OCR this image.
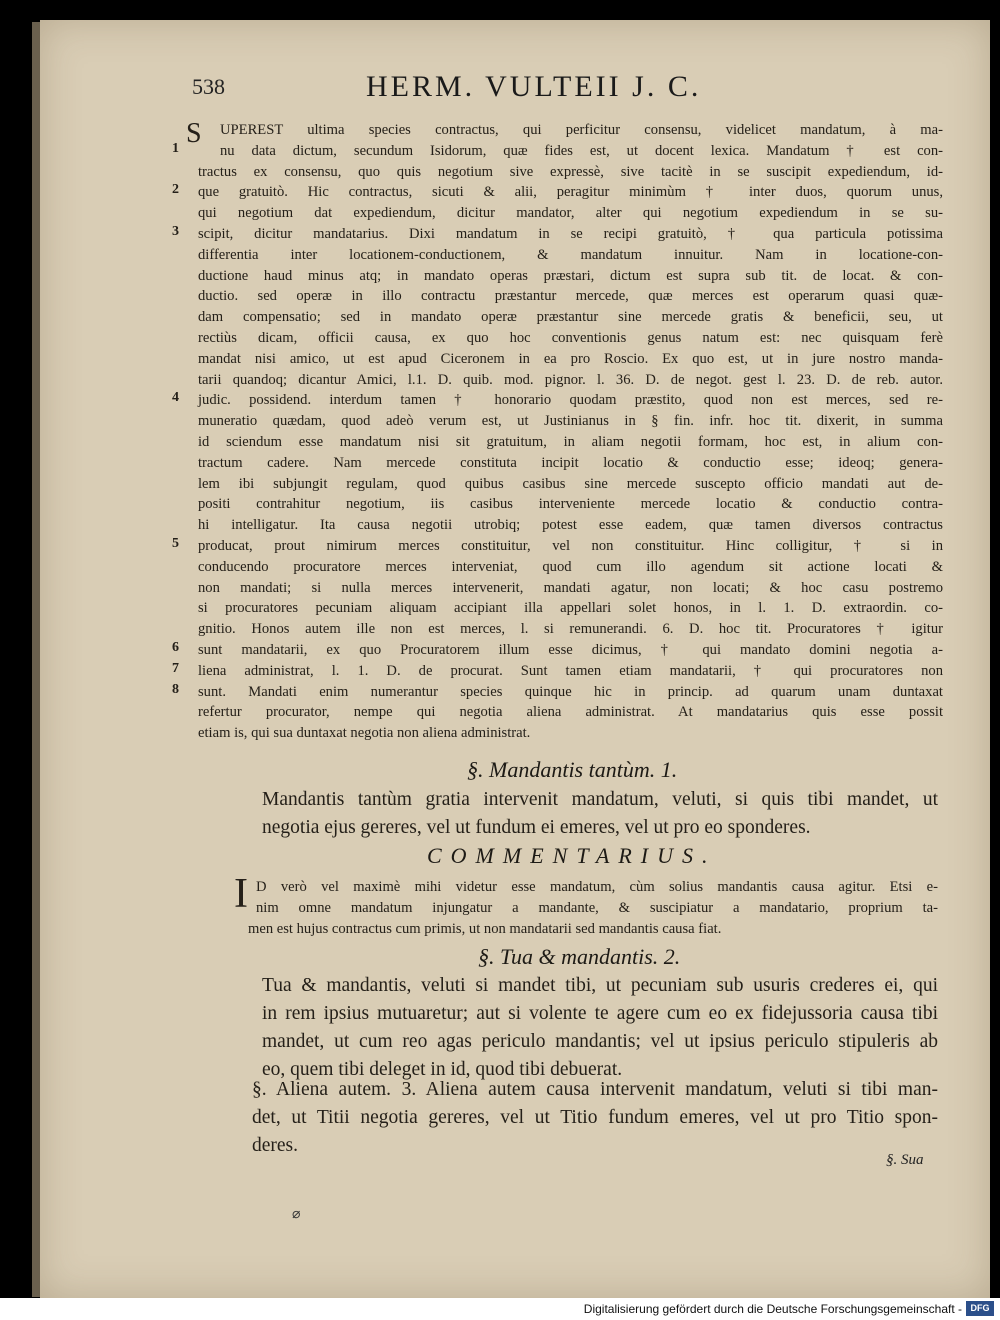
538	HERM. VULTEII J. C.
S	UPEREST ultima species contractus, qui perficitur consensu, videlicet mandatum, à ma-
nu data dictum, secundum Isidorum, quæ fides est, ut docent lexica. Mandatum † est con-
tractus ex consensu, quo quis negotium sive expressè, sive tacitè in se suscipit expediendum, id-
que gratuitò. Hic contractus, sicuti & alii, peragitur minimùm † inter duos, quorum unus,
qui negotium dat expediendum, dicitur mandator, alter qui negotium expediendum in se su-
scipit, dicitur mandatarius. Dixi mandatum in se recipi gratuitò, † qua particula potissima
differentia inter locationem-conductionem, & mandatum innuitur. Nam in locatione-con-
ductione haud minus atq; in mandato operas præstari, dictum est supra sub tit. de locat. & con-
ductio. sed operæ in illo contractu præstantur mercede, quæ merces est operarum quasi quæ-
dam compensatio; sed in mandato operæ præstantur sine mercede gratis & beneficii, seu, ut
rectiùs dicam, officii causa, ex quo hoc conventionis genus natum est: nec quisquam ferè
mandat nisi amico, ut est apud Ciceronem in ea pro Roscio. Ex quo est, ut in jure nostro manda-
tarii quandoq; dicantur Amici, l.1. D. quib. mod. pignor. l. 36. D. de negot. gest l. 23. D. de reb. autor.
judic. possidend. interdum tamen † honorario quodam præstito, quod non est merces, sed re-
muneratio quædam, quod adeò verum est, ut Justinianus in § fin. infr. hoc tit. dixerit, in summa
id sciendum esse mandatum nisi sit gratuitum, in aliam negotii formam, hoc est, in alium con-
tractum cadere. Nam mercede constituta incipit locatio & conductio esse; ideoq; genera-
lem ibi subjungit regulam, quod quibus casibus sine mercede suscepto officio mandati aut de-
positi contrahitur negotium, iis casibus interveniente mercede locatio & conductio contra-
hi intelligatur. Ita causa negotii utrobiq; potest esse eadem, quæ tamen diversos contractus
producat, prout nimirum merces constituitur, vel non constituitur. Hinc colligitur, † si in
conducendo procuratore merces interveniat, quod cum illo agendum sit actione locati &
non mandati; si nulla merces intervenerit, mandati agatur, non locati; & hoc casu postremo
si procuratores pecuniam aliquam accipiant illa appellari solet honos, in l. 1. D. extraordin. co-
gnitio. Honos autem ille non est merces, l. si remunerandi. 6. D. hoc tit. Procuratores † igitur
sunt mandatarii, ex quo Procuratorem illum esse dicimus, † qui mandato domini negotia a-
liena administrat, l. 1. D. de procurat. Sunt tamen etiam mandatarii, † qui procuratores non
sunt. Mandati enim numerantur species quinque hic in princip. ad quarum unam duntaxat
refertur procurator, nempe qui negotia aliena administrat. At mandatarius quis esse possit
etiam is, qui sua duntaxat negotia non aliena administrat.
1
2
3
4
5
6
7
8
§. Mandantis tantùm. 1.
Mandantis tantùm gratia intervenit mandatum, veluti, si quis tibi mandet, ut
negotia ejus gereres, vel ut fundum ei emeres, vel ut pro eo sponderes.
COMMENTARIUS.
I D verò vel maximè mihi videtur esse mandatum, cùm solius mandantis causa agitur. Etsi e-
nim omne mandatum injungatur a mandante, & suscipiatur a mandatario, proprium ta-
men est hujus contractus cum primis, ut non mandatarii sed mandantis causa fiat.
§. Tua & mandantis. 2.
Tua & mandantis, veluti si mandet tibi, ut pecuniam sub usuris crederes ei, qui
in rem ipsius mutuaretur; aut si volente te agere cum eo ex fidejussoria causa tibi
mandet, ut cum reo agas periculo mandantis; vel ut ipsius periculo stipuleris ab
eo, quem tibi deleget in id, quod tibi debuerat.
§. Aliena autem. 3. Aliena autem causa intervenit mandatum, veluti si tibi man-
det, ut Titii negotia gereres, vel ut Titio fundum emeres, vel ut pro Titio spon-
deres.
§. Sua
⌀
Digitalisierung gefördert durch die Deutsche Forschungsgemeinschaft - DFG
